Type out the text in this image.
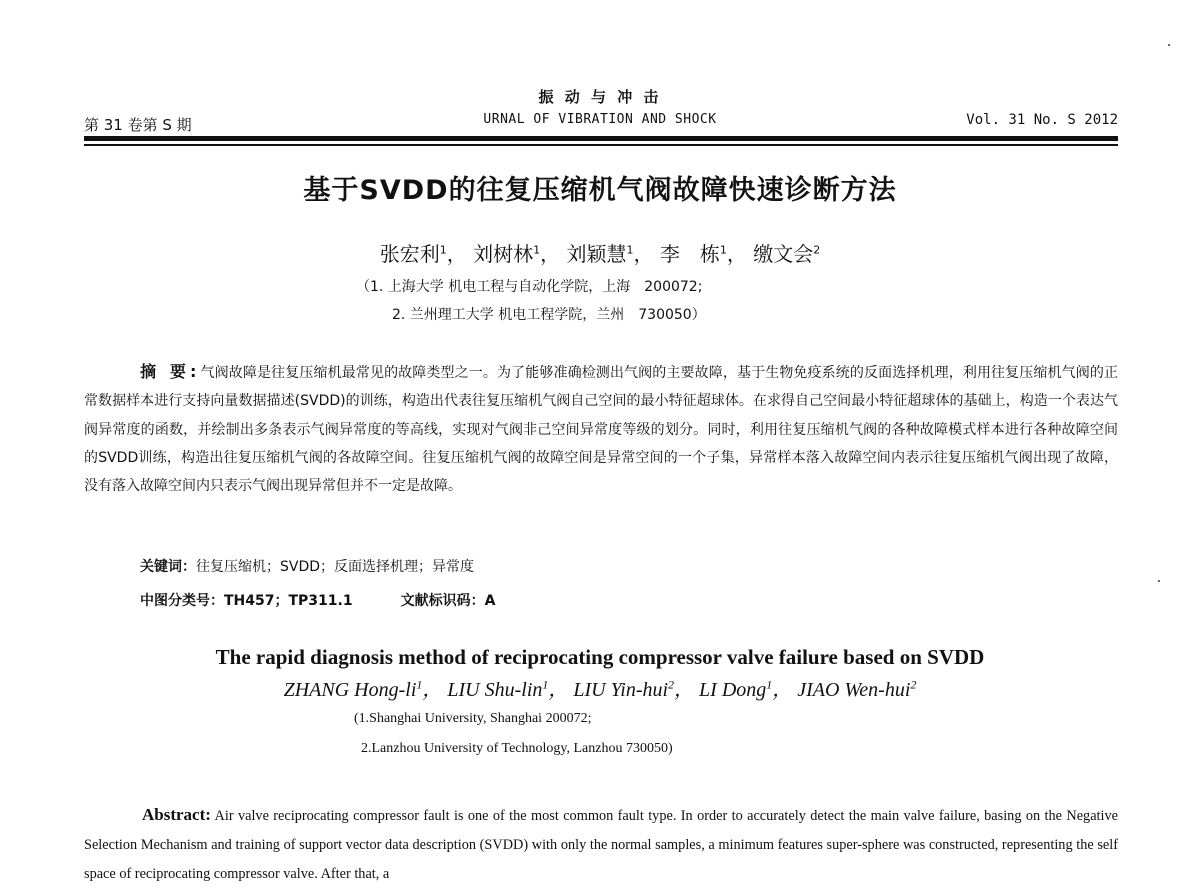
振 动 与 冲 击
第 31 卷第 S 期	URNAL OF VIBRATION AND SHOCK	Vol. 31 No. S 2012
基于SVDD的往复压缩机气阀故障快速诊断方法
张宏利$^1$， 刘树林$^1$， 刘颖慧$^1$， 李　栋$^1$， 缴文会$^2$
（1. 上海大学 机电工程与自动化学院，上海　200072;
2. 兰州理工大学 机电工程学院，兰州　730050）
摘 要:气阀故障是往复压缩机最常见的故障类型之一。为了能够准确检测出气阀的主要故障，基于生物免疫系统的反面选择机理，利用往复压缩机气阀的正常数据样本进行支持向量数据描述(SVDD)的训练，构造出代表往复压缩机气阀自己空间的最小特征超球体。在求得自己空间最小特征超球体的基础上，构造一个表达气阀异常度的函数，并绘制出多条表示气阀异常度的等高线，实现对气阀非己空间异常度等级的划分。同时，利用往复压缩机气阀的各种故障模式样本进行各种故障空间的SVDD训练，构造出往复压缩机气阀的各故障空间。往复压缩机气阀的故障空间是异常空间的一个子集，异常样本落入故障空间内表示往复压缩机气阀出现了故障，没有落入故障空间内只表示气阀出现异常但并不一定是故障。
关键词：往复压缩机；SVDD；反面选择机理；异常度
中图分类号：TH457；TP311.1	文献标识码：A
The rapid diagnosis method of reciprocating compressor valve failure based on SVDD
ZHANG Hong-$li^1$， LIU Shu-lin$^1$， LIU Yin-hui$^2$， LI Dong$^1$， JIAO Wen-hui$^2$
(1.Shanghai University, Shanghai 200072;
2.Lanzhou University of Technology, Lanzhou 730050)
Abstract: Air valve reciprocating compressor fault is one of the most common fault type. In order to accurately detect the main valve failure, basing on the Negative Selection Mechanism and training of support vector data description (SVDD) with only the normal samples, a minimum features super-sphere was constructed, representing the self space of reciprocating compressor valve. After that, a
